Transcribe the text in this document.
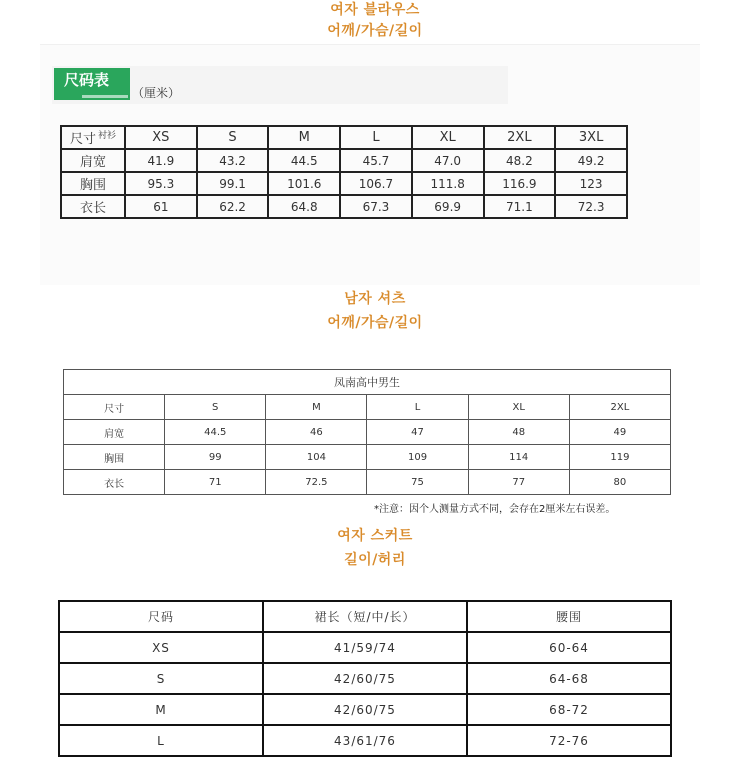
여자 블라우스
어깨/가슴/길이
尺码表
（厘米）
尺寸 $^{衬衫}$	XS	S	M	L	XL	2XL	3XL
肩宽	41.9	43.2	44.5	45.7	47.0	48.2	49.2
胸围	95.3	99.1	101.6	106.7	111.8	116.9	123
衣长	61	62.2	64.8	67.3	69.9	71.1	72.3
남자 셔츠
어깨/가슴/길이
凤南高中男生					
尺寸	S	M	L	XL	2XL
肩宽	44.5	46	47	48	49
胸围	99	104	109	114	119
衣长	71	72.5	75	77	80
*注意：因个人测量方式不同，会存在2厘米左右误差。
여자 스커트
길이/허리
尺码	裙长（短/中/长）	腰围
XS	41/59/74	60-64
S	42/60/75	64-68
M	42/60/75	68-72
L	43/61/76	72-76
